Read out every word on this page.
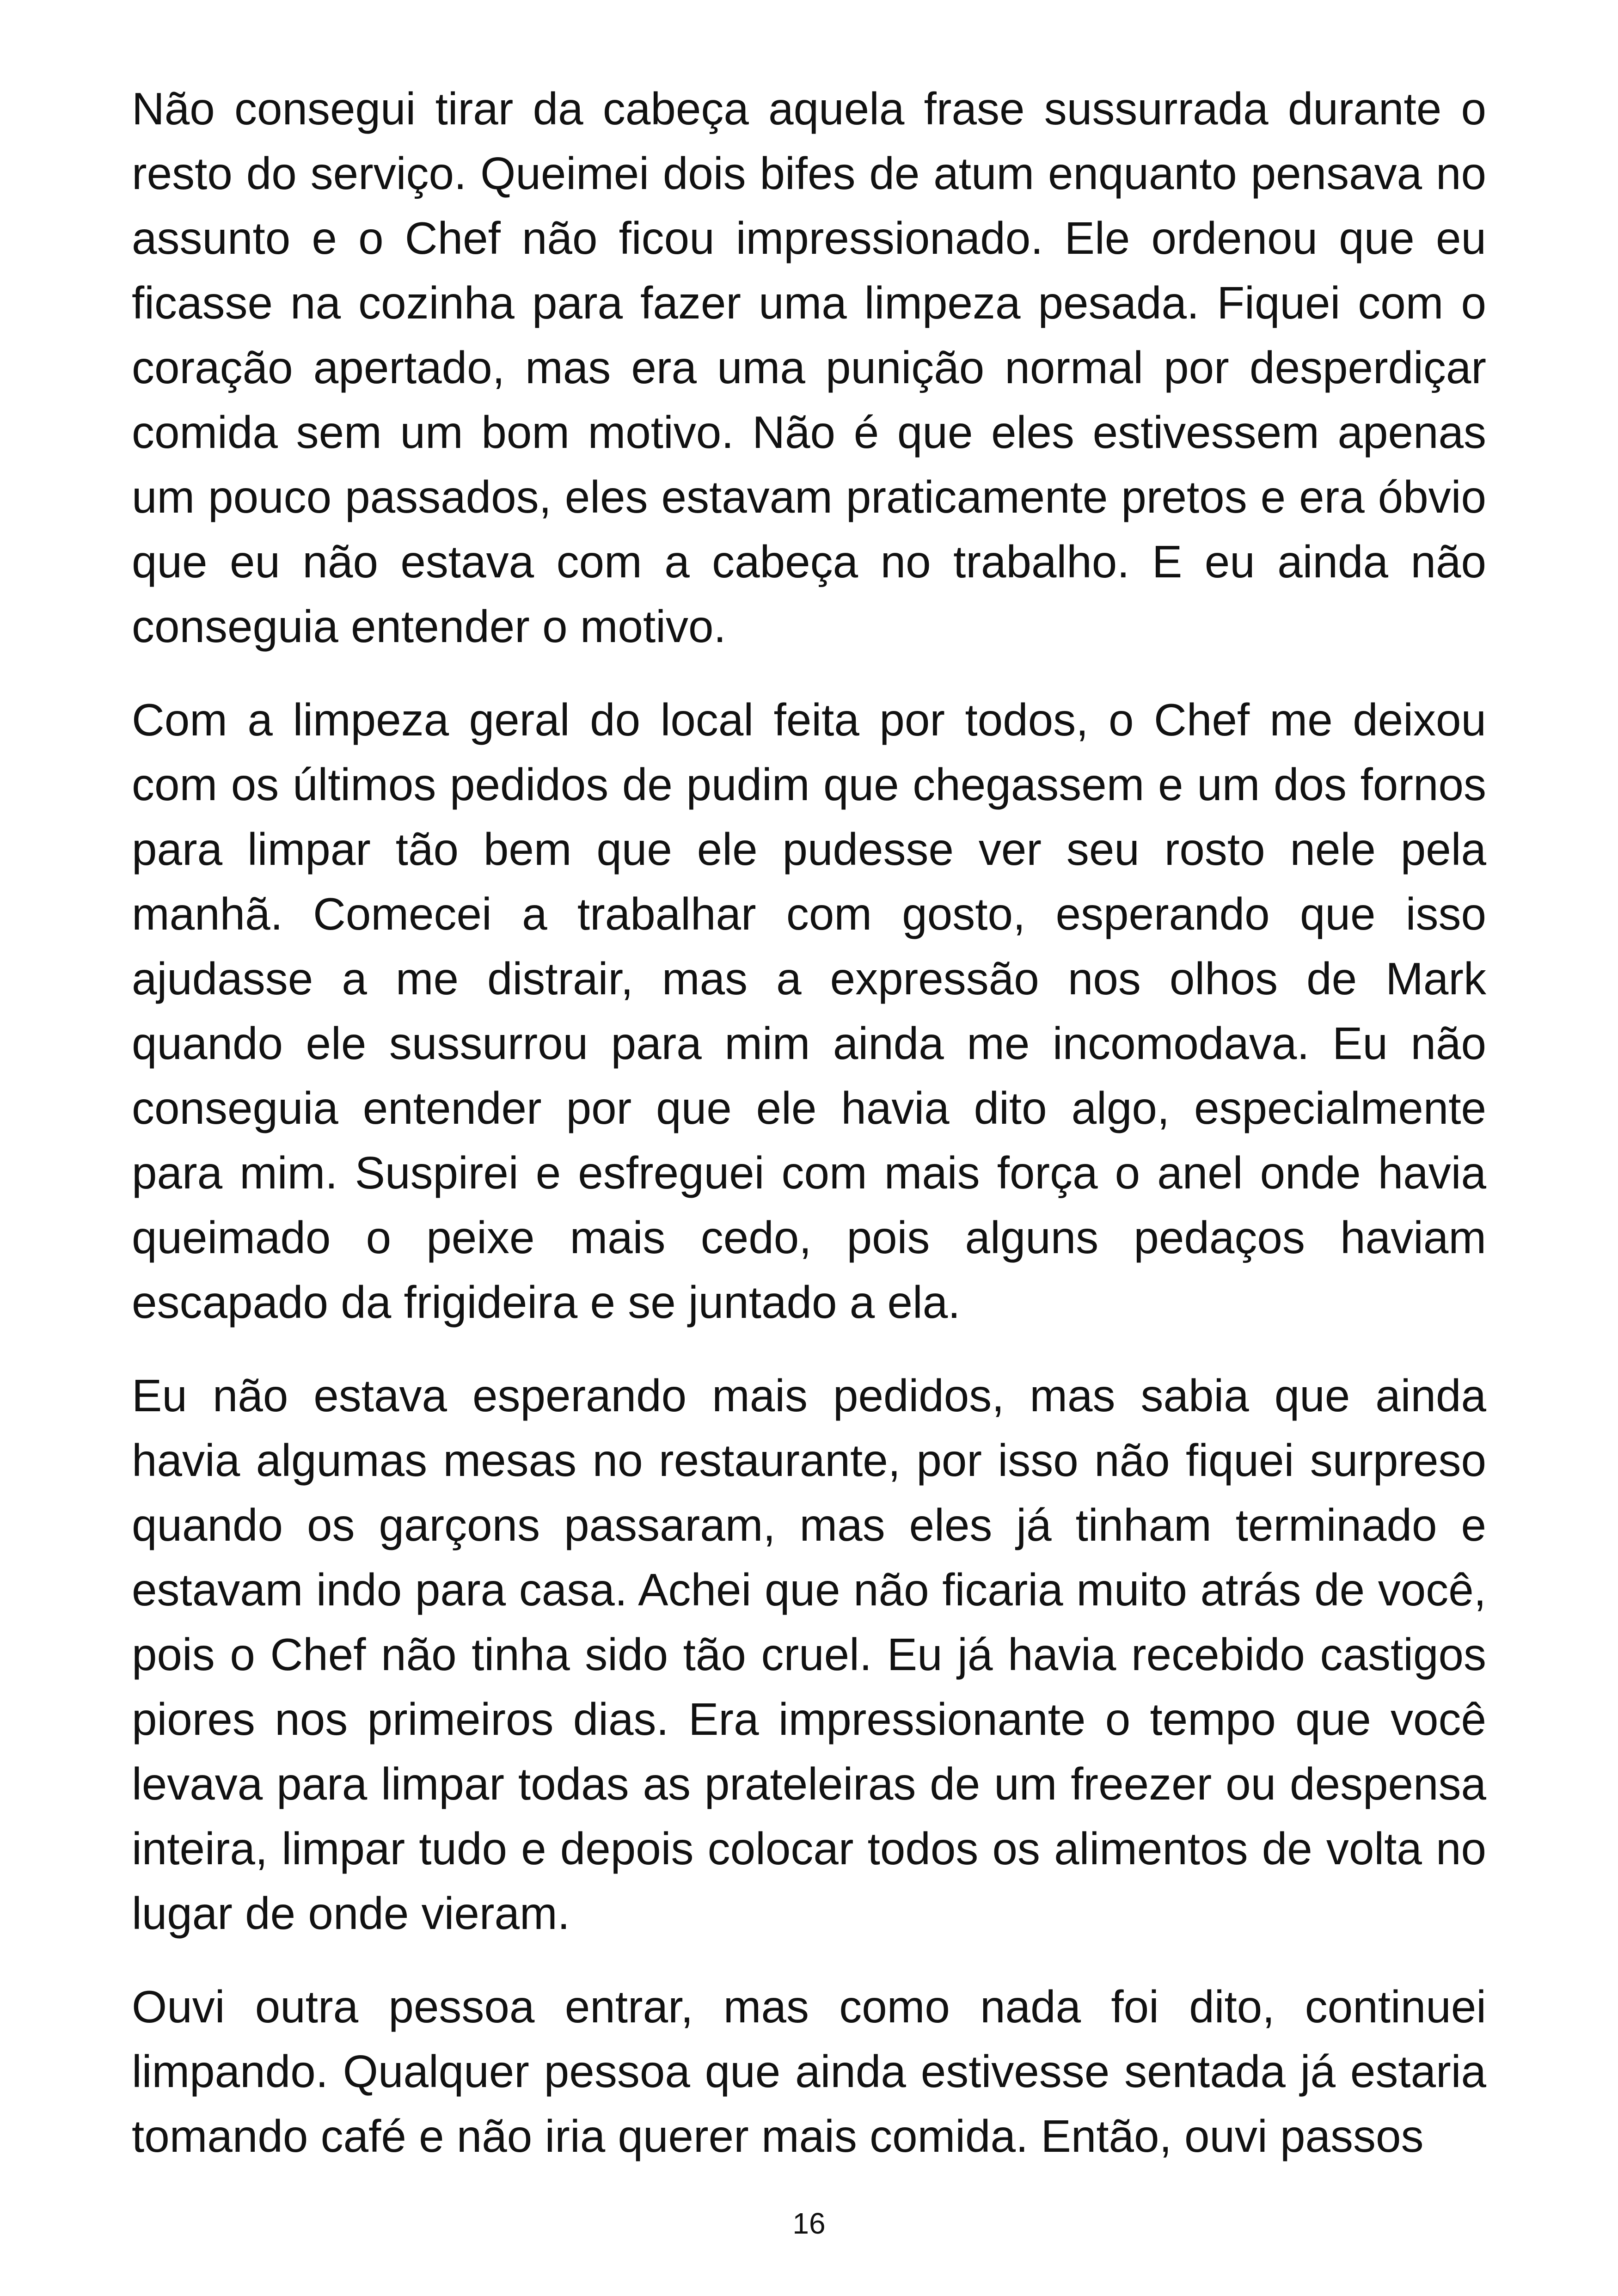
Não consegui tirar da cabeça aquela frase sussurrada durante o resto do serviço. Queimei dois bifes de atum enquanto pensava no assunto e o Chef não ficou impressionado. Ele ordenou que eu ficasse na cozinha para fazer uma limpeza pesada. Fiquei com o coração apertado, mas era uma punição normal por desperdiçar comida sem um bom motivo. Não é que eles estivessem apenas um pouco passados, eles estavam praticamente pretos e era óbvio que eu não estava com a cabeça no trabalho. E eu ainda não conseguia entender o motivo.

Com a limpeza geral do local feita por todos, o Chef me deixou com os últimos pedidos de pudim que chegassem e um dos fornos para limpar tão bem que ele pudesse ver seu rosto nele pela manhã. Comecei a trabalhar com gosto, esperando que isso ajudasse a me distrair, mas a expressão nos olhos de Mark quando ele sussurrou para mim ainda me incomodava. Eu não conseguia entender por que ele havia dito algo, especialmente para mim. Suspirei e esfreguei com mais força o anel onde havia queimado o peixe mais cedo, pois alguns pedaços haviam escapado da frigideira e se juntado a ela.

Eu não estava esperando mais pedidos, mas sabia que ainda havia algumas mesas no restaurante, por isso não fiquei surpreso quando os garçons passaram, mas eles já tinham terminado e estavam indo para casa. Achei que não ficaria muito atrás de você, pois o Chef não tinha sido tão cruel. Eu já havia recebido castigos piores nos primeiros dias. Era impressionante o tempo que você levava para limpar todas as prateleiras de um freezer ou despensa inteira, limpar tudo e depois colocar todos os alimentos de volta no lugar de onde vieram.

Ouvi outra pessoa entrar, mas como nada foi dito, continuei limpando. Qualquer pessoa que ainda estivesse sentada já estaria tomando café e não iria querer mais comida. Então, ouvi passos

16
